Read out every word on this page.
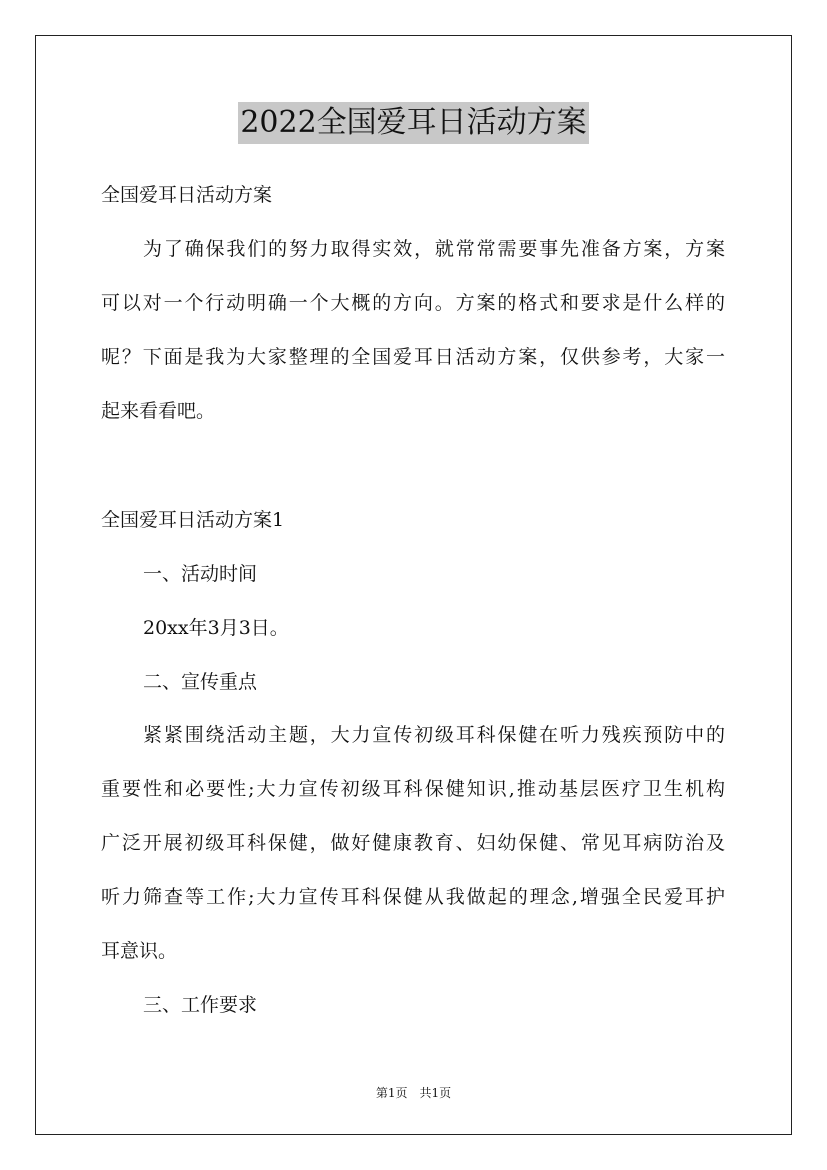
2022全国爱耳日活动方案
全国爱耳日活动方案
为了确保我们的努力取得实效，就常常需要事先准备方案，方案
可以对一个行动明确一个大概的方向。方案的格式和要求是什么样的
呢？下面是我为大家整理的全国爱耳日活动方案，仅供参考，大家一
起来看看吧。
全国爱耳日活动方案1
一、活动时间
20xx年3月3日。
二、宣传重点
紧紧围绕活动主题，大力宣传初级耳科保健在听力残疾预防中的
重要性和必要性;大力宣传初级耳科保健知识,推动基层医疗卫生机构
广泛开展初级耳科保健，做好健康教育、妇幼保健、常见耳病防治及
听力筛查等工作;大力宣传耳科保健从我做起的理念,增强全民爱耳护
耳意识。
三、工作要求
第1页　共1页
